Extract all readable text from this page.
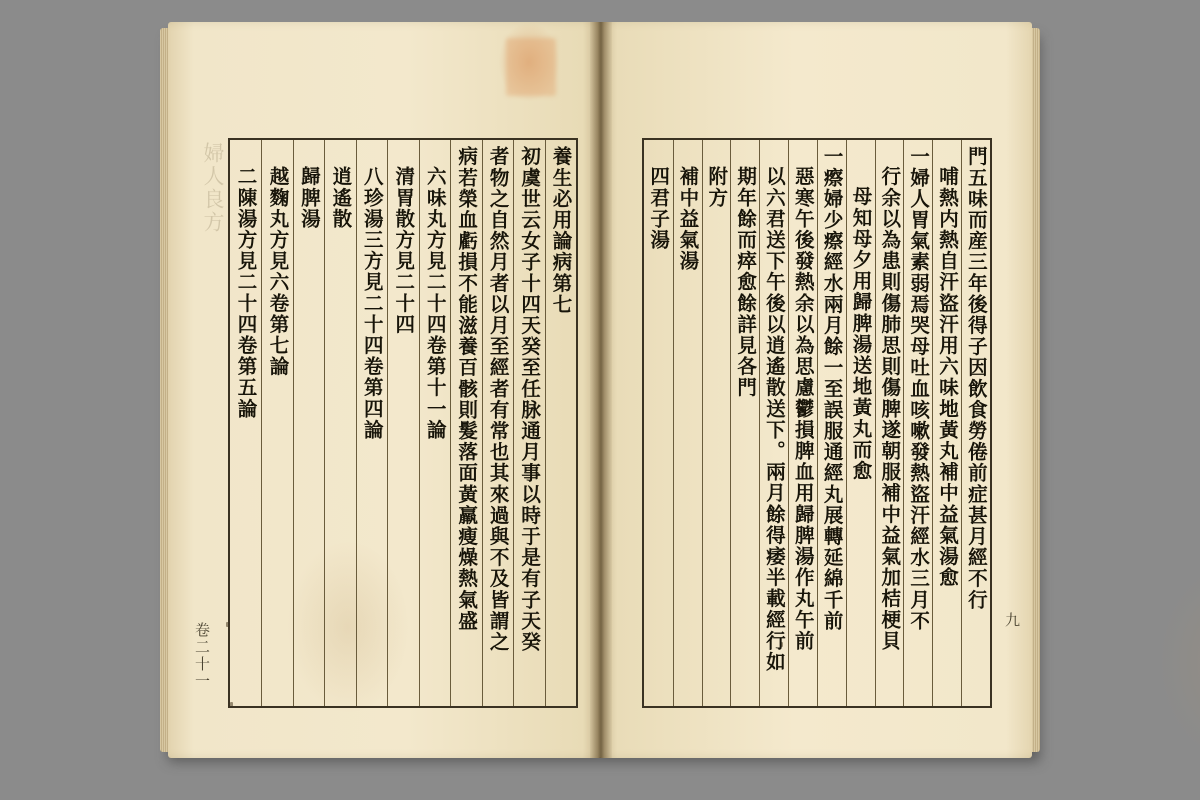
婦人良方	養生必用論病第七
初虞世云女子十四天癸至任脉通月事以時于是有子天癸
者物之自然月者以月至經者有常也其來過與不及皆謂之
病若榮血虧損不能滋養百骸則髮落面黃羸瘦燥熱氣盛
六味丸方見二十四卷第十一論
清胃散方見二十四
八珍湯三方見二十四卷第四論
逍遙散
歸脾湯
越麴丸方見六卷第七論
二陳湯方見二十四卷第五論
卷二十一
門五味而産三年後得子因飲食勞倦前症甚月經不行
哺熱内熱自汗盜汗用六味地黃丸補中益氣湯愈
一婦人胃氣素弱焉哭母吐血咳嗽發熱盜汗經水三月不
行余以為患則傷肺思則傷脾遂朝服補中益氣加桔梗貝
母知母夕用歸脾湯送地黃丸而愈
一瘵婦少瘵經水兩月餘一至誤服通經丸展轉延綿千前
惡寒午後發熱余以為思慮鬱損脾血用歸脾湯作丸午前
以六君送下午後以逍遙散送下。兩月餘得痿半載經行如
期年餘而瘁愈餘詳見各門
附方
補中益氣湯
四君子湯
九
